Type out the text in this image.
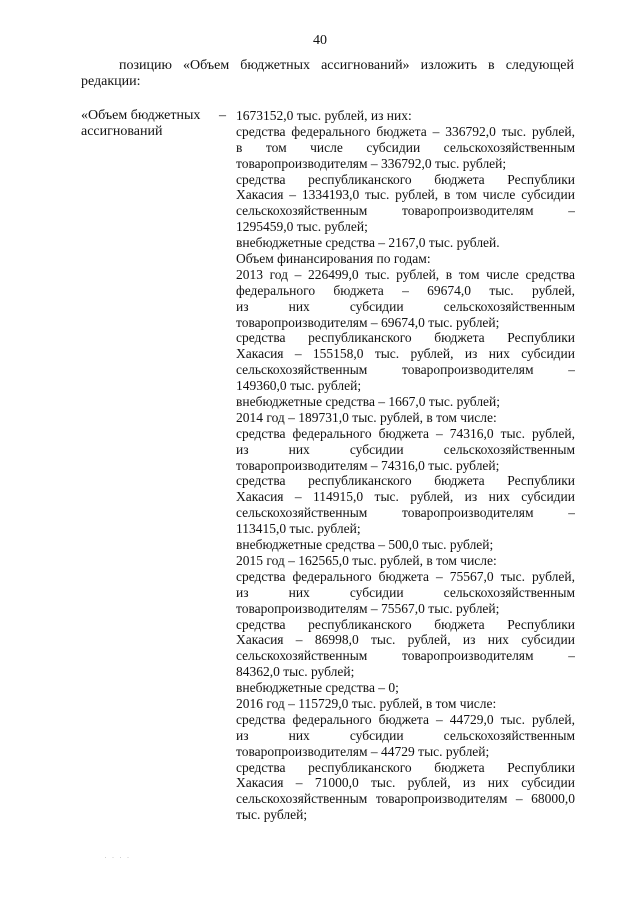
40
позицию «Объем бюджетных ассигнований» изложить в следующей
редакции:
«Объем бюджетных
ассигнований
– 1673152,0 тыс. рублей, из них:
средства федерального бюджета – 336792,0 тыс. рублей,
в том числе субсидии сельскохозяйственным
товаропроизводителям – 336792,0 тыс. рублей;
средства республиканского бюджета Республики
Хакасия – 1334193,0 тыс. рублей, в том числе субсидии
сельскохозяйственным товаропроизводителям –
1295459,0 тыс. рублей;
внебюджетные средства – 2167,0 тыс. рублей.
Объем финансирования по годам:
2013 год – 226499,0 тыс. рублей, в том числе средства
федерального бюджета – 69674,0 тыс. рублей,
из них субсидии сельскохозяйственным
товаропроизводителям – 69674,0 тыс. рублей;
средства республиканского бюджета Республики
Хакасия – 155158,0 тыс. рублей, из них субсидии
сельскохозяйственным товаропроизводителям –
149360,0 тыс. рублей;
внебюджетные средства – 1667,0 тыс. рублей;
2014 год – 189731,0 тыс. рублей, в том числе:
средства федерального бюджета – 74316,0 тыс. рублей,
из них субсидии сельскохозяйственным
товаропроизводителям – 74316,0 тыс. рублей;
средства республиканского бюджета Республики
Хакасия – 114915,0 тыс. рублей, из них субсидии
сельскохозяйственным товаропроизводителям –
113415,0 тыс. рублей;
внебюджетные средства – 500,0 тыс. рублей;
2015 год – 162565,0 тыс. рублей, в том числе:
средства федерального бюджета – 75567,0 тыс. рублей,
из них субсидии сельскохозяйственным
товаропроизводителям – 75567,0 тыс. рублей;
средства республиканского бюджета Республики
Хакасия – 86998,0 тыс. рублей, из них субсидии
сельскохозяйственным товаропроизводителям –
84362,0 тыс. рублей;
внебюджетные средства – 0;
2016 год – 115729,0 тыс. рублей, в том числе:
средства федерального бюджета – 44729,0 тыс. рублей,
из них субсидии сельскохозяйственным
товаропроизводителям – 44729 тыс. рублей;
средства республиканского бюджета Республики
Хакасия – 71000,0 тыс. рублей, из них субсидии
сельскохозяйственным товаропроизводителям – 68000,0
тыс. рублей;
· · · ·
